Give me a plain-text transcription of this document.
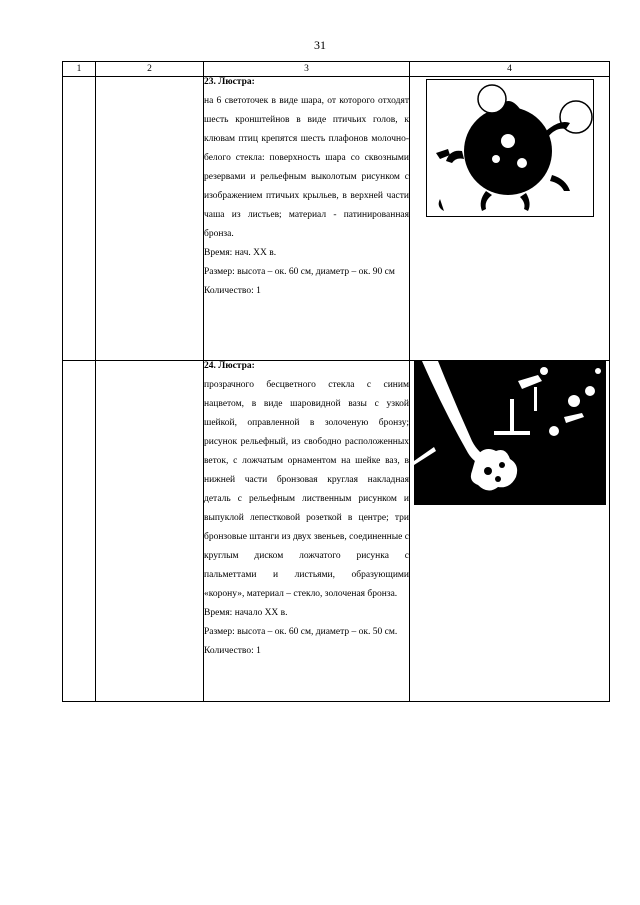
31
1	2	3	4

		23. Люстра:

на 6 светоточек в виде шара, от которого отходят шесть кронштейнов в виде птичьих голов, к клювам птиц крепятся шесть плафонов молочно-белого стекла: поверхность шара со сквозными резервами и рельефным выколотым рисунком с изображением птичьих крыльев, в верхней части чаша из листьев; материал - патинированная бронза.

Время: нач. XX в.

Размер: высота – ок. 60 см, диаметр – ок. 90 см

Количество: 1

		24. Люстра:

прозрачного бесцветного стекла с синим нацветом, в виде шаровидной вазы с узкой шейкой, оправленной в золоченую бронзу; рисунок рельефный, из свободно расположенных веток, с ложчатым орнаментом на шейке ваз, в нижней части бронзовая круглая накладная деталь с рельефным лиственным рисунком и выпуклой лепестковой розеткой в центре; три бронзовые штанги из двух звеньев, соединенные с круглым диском ложчатого рисунка с пальметтами и листьями, образующими «корону», материал – стекло, золоченая бронза.

Время: начало XX в.

Размер: высота – ок. 60 см, диаметр – ок. 50 см. Количество: 1
